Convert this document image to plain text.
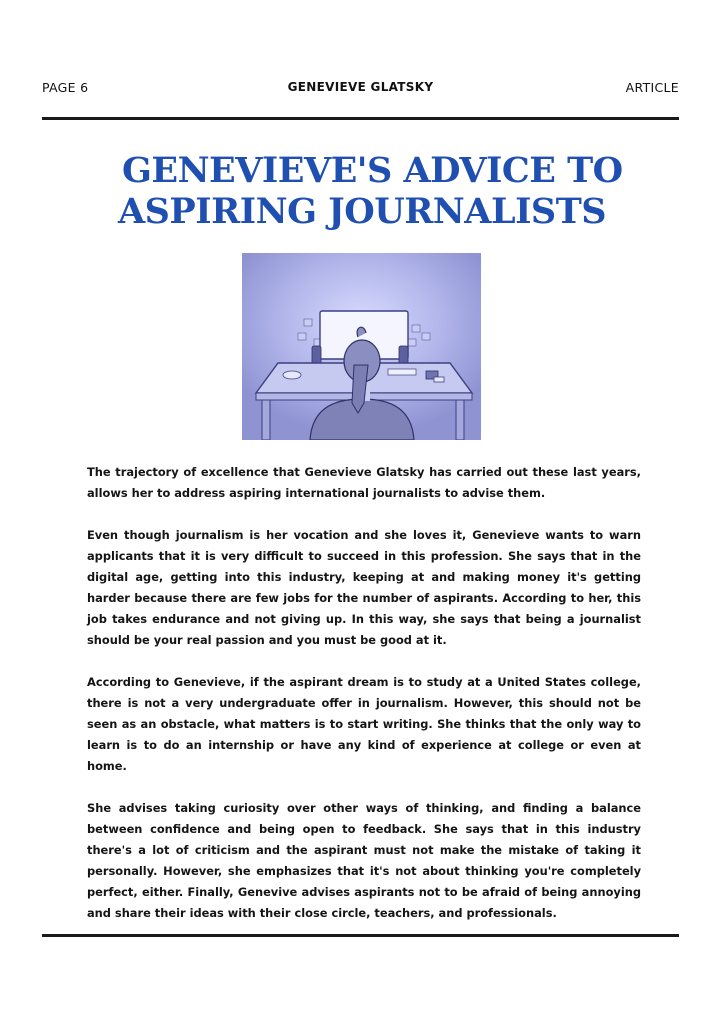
PAGE 6	GENEVIEVE GLATSKY	ARTICLE
GENEVIEVE'S ADVICE TO
ASPIRING JOURNALISTS

The trajectory of excellence that Genevieve Glatsky has carried out these last years, allows her to address aspiring international journalists to advise them.

Even though journalism is her vocation and she loves it, Genevieve wants to warn applicants that it is very difficult to succeed in this profession. She says that in the digital age, getting into this industry, keeping at and making money it's getting harder because there are few jobs for the number of aspirants. According to her, this job takes endurance and not giving up. In this way, she says that being a journalist should be your real passion and you must be good at it.

According to Genevieve, if the aspirant dream is to study at a United States college, there is not a very undergraduate offer in journalism. However, this should not be seen as an obstacle, what matters is to start writing. She thinks that the only way to learn is to do an internship or have any kind of experience at college or even at home.

She advises taking curiosity over other ways of thinking, and finding a balance between confidence and being open to feedback. She says that in this industry there's a lot of criticism and the aspirant must not make the mistake of taking it personally. However, she emphasizes that it's not about thinking you're completely perfect, either. Finally, Genevive advises aspirants not to be afraid of being annoying and share their ideas with their close circle, teachers, and professionals.
